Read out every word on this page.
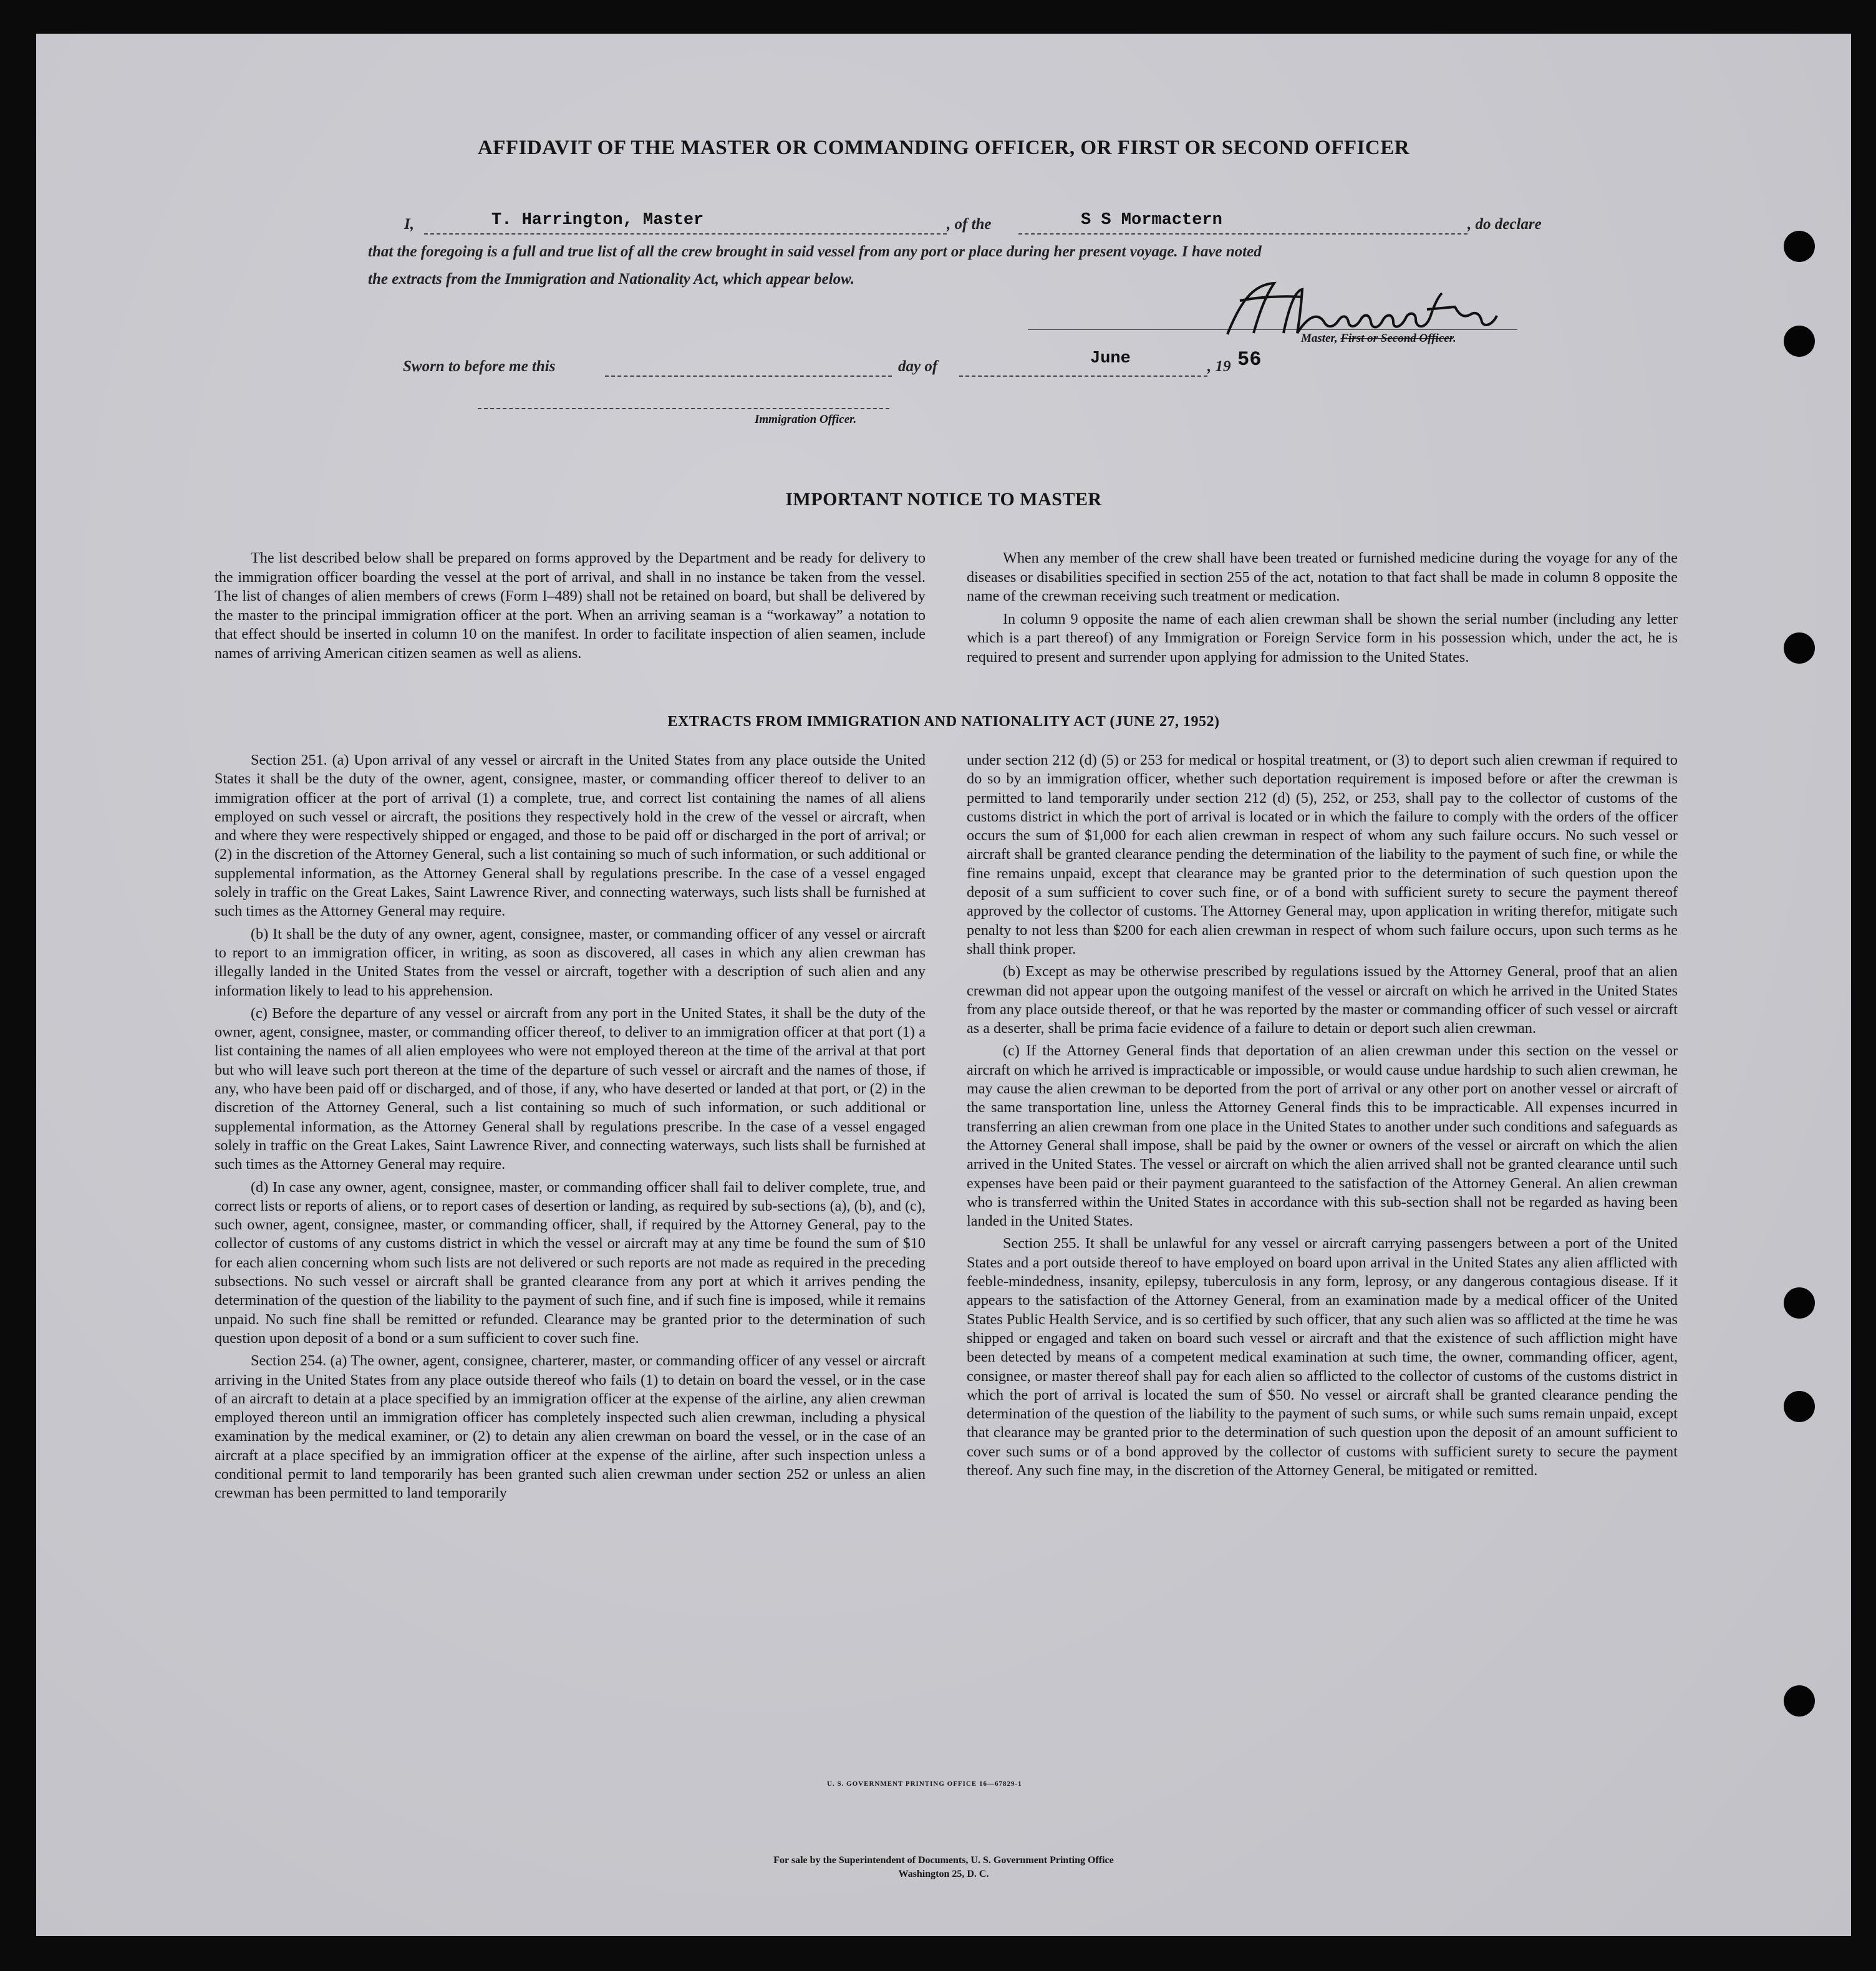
AFFIDAVIT OF THE MASTER OR COMMANDING OFFICER, OR FIRST OR SECOND OFFICER
I,	T. Harrington, Master	, of the	S S Mormactern	, do declare
that the foregoing is a full and true list of all the crew brought in said vessel from any port or place during her present voyage. I have noted
the extracts from the Immigration and Nationality Act, which appear below.
Master, First or Second Officer.
Sworn to before me this	day of	June	, 19 56
Immigration Officer.
IMPORTANT NOTICE TO MASTER

The list described below shall be prepared on forms approved by the Department and be ready for delivery to the immigration officer boarding the vessel at the port of arrival, and shall in no instance be taken from the vessel. The list of changes of alien members of crews (Form I–489) shall not be retained on board, but shall be delivered by the master to the principal immigration officer at the port. When an arriving seaman is a “workaway” a notation to that effect should be inserted in column 10 on the manifest. In order to facilitate inspection of alien seamen, include names of arriving American citizen seamen as well as aliens.

When any member of the crew shall have been treated or furnished medicine during the voyage for any of the diseases or disabilities specified in section 255 of the act, notation to that fact shall be made in column 8 opposite the name of the crewman receiving such treatment or medication.

In column 9 opposite the name of each alien crewman shall be shown the serial number (including any letter which is a part thereof) of any Immigration or Foreign Service form in his possession which, under the act, he is required to present and surrender upon applying for admission to the United States.

EXTRACTS FROM IMMIGRATION AND NATIONALITY ACT (JUNE 27, 1952)

Section 251. (a) Upon arrival of any vessel or aircraft in the United States from any place outside the United States it shall be the duty of the owner, agent, consignee, master, or commanding officer thereof to deliver to an immigration officer at the port of arrival (1) a complete, true, and correct list containing the names of all aliens employed on such vessel or aircraft, the positions they respectively hold in the crew of the vessel or aircraft, when and where they were respectively shipped or engaged, and those to be paid off or discharged in the port of arrival; or (2) in the discretion of the Attorney General, such a list containing so much of such information, or such additional or supplemental information, as the Attorney General shall by regulations prescribe. In the case of a vessel engaged solely in traffic on the Great Lakes, Saint Lawrence River, and connecting waterways, such lists shall be furnished at such times as the Attorney General may require.

(b) It shall be the duty of any owner, agent, consignee, master, or commanding officer of any vessel or aircraft to report to an immigration officer, in writing, as soon as discovered, all cases in which any alien crewman has illegally landed in the United States from the vessel or aircraft, together with a description of such alien and any information likely to lead to his apprehension.

(c) Before the departure of any vessel or aircraft from any port in the United States, it shall be the duty of the owner, agent, consignee, master, or commanding officer thereof, to deliver to an immigration officer at that port (1) a list containing the names of all alien employees who were not employed thereon at the time of the arrival at that port but who will leave such port thereon at the time of the departure of such vessel or aircraft and the names of those, if any, who have been paid off or discharged, and of those, if any, who have deserted or landed at that port, or (2) in the discretion of the Attorney General, such a list containing so much of such information, or such additional or supplemental information, as the Attorney General shall by regulations prescribe. In the case of a vessel engaged solely in traffic on the Great Lakes, Saint Lawrence River, and connecting waterways, such lists shall be furnished at such times as the Attorney General may require.

(d) In case any owner, agent, consignee, master, or commanding officer shall fail to deliver complete, true, and correct lists or reports of aliens, or to report cases of desertion or landing, as required by sub-sections (a), (b), and (c), such owner, agent, consignee, master, or commanding officer, shall, if required by the Attorney General, pay to the collector of customs of any customs district in which the vessel or aircraft may at any time be found the sum of $10 for each alien concerning whom such lists are not delivered or such reports are not made as required in the preceding subsections. No such vessel or aircraft shall be granted clearance from any port at which it arrives pending the determination of the question of the liability to the payment of such fine, and if such fine is imposed, while it remains unpaid. No such fine shall be remitted or refunded. Clearance may be granted prior to the determination of such question upon deposit of a bond or a sum sufficient to cover such fine.

Section 254. (a) The owner, agent, consignee, charterer, master, or commanding officer of any vessel or aircraft arriving in the United States from any place outside thereof who fails (1) to detain on board the vessel, or in the case of an aircraft to detain at a place specified by an immigration officer at the expense of the airline, any alien crewman employed thereon until an immigration officer has completely inspected such alien crewman, including a physical examination by the medical examiner, or (2) to detain any alien crewman on board the vessel, or in the case of an aircraft at a place specified by an immigration officer at the expense of the airline, after such inspection unless a conditional permit to land temporarily has been granted such alien crewman under section 252 or unless an alien crewman has been permitted to land temporarily

under section 212 (d) (5) or 253 for medical or hospital treatment, or (3) to deport such alien crewman if required to do so by an immigration officer, whether such deportation requirement is imposed before or after the crewman is permitted to land temporarily under section 212 (d) (5), 252, or 253, shall pay to the collector of customs of the customs district in which the port of arrival is located or in which the failure to comply with the orders of the officer occurs the sum of $1,000 for each alien crewman in respect of whom any such failure occurs. No such vessel or aircraft shall be granted clearance pending the determination of the liability to the payment of such fine, or while the fine remains unpaid, except that clearance may be granted prior to the determination of such question upon the deposit of a sum sufficient to cover such fine, or of a bond with sufficient surety to secure the payment thereof approved by the collector of customs. The Attorney General may, upon application in writing therefor, mitigate such penalty to not less than $200 for each alien crewman in respect of whom such failure occurs, upon such terms as he shall think proper.

(b) Except as may be otherwise prescribed by regulations issued by the Attorney General, proof that an alien crewman did not appear upon the outgoing manifest of the vessel or aircraft on which he arrived in the United States from any place outside thereof, or that he was reported by the master or commanding officer of such vessel or aircraft as a deserter, shall be prima facie evidence of a failure to detain or deport such alien crewman.

(c) If the Attorney General finds that deportation of an alien crewman under this section on the vessel or aircraft on which he arrived is impracticable or impossible, or would cause undue hardship to such alien crewman, he may cause the alien crewman to be deported from the port of arrival or any other port on another vessel or aircraft of the same transportation line, unless the Attorney General finds this to be impracticable. All expenses incurred in transferring an alien crewman from one place in the United States to another under such conditions and safeguards as the Attorney General shall impose, shall be paid by the owner or owners of the vessel or aircraft on which the alien arrived in the United States. The vessel or aircraft on which the alien arrived shall not be granted clearance until such expenses have been paid or their payment guaranteed to the satisfaction of the Attorney General. An alien crewman who is transferred within the United States in accordance with this sub-section shall not be regarded as having been landed in the United States.

Section 255. It shall be unlawful for any vessel or aircraft carrying passengers between a port of the United States and a port outside thereof to have employed on board upon arrival in the United States any alien afflicted with feeble-mindedness, insanity, epilepsy, tuberculosis in any form, leprosy, or any dangerous contagious disease. If it appears to the satisfaction of the Attorney General, from an examination made by a medical officer of the United States Public Health Service, and is so certified by such officer, that any such alien was so afflicted at the time he was shipped or engaged and taken on board such vessel or aircraft and that the existence of such affliction might have been detected by means of a competent medical examination at such time, the owner, commanding officer, agent, consignee, or master thereof shall pay for each alien so afflicted to the collector of customs of the customs district in which the port of arrival is located the sum of $50. No vessel or aircraft shall be granted clearance pending the determination of the question of the liability to the payment of such sums, or while such sums remain unpaid, except that clearance may be granted prior to the determination of such question upon the deposit of an amount sufficient to cover such sums or of a bond approved by the collector of customs with sufficient surety to secure the payment thereof. Any such fine may, in the discretion of the Attorney General, be mitigated or remitted.

U. S. GOVERNMENT PRINTING OFFICE 16—67829-1
For sale by the Superintendent of Documents, U. S. Government Printing Office
Washington 25, D. C.
